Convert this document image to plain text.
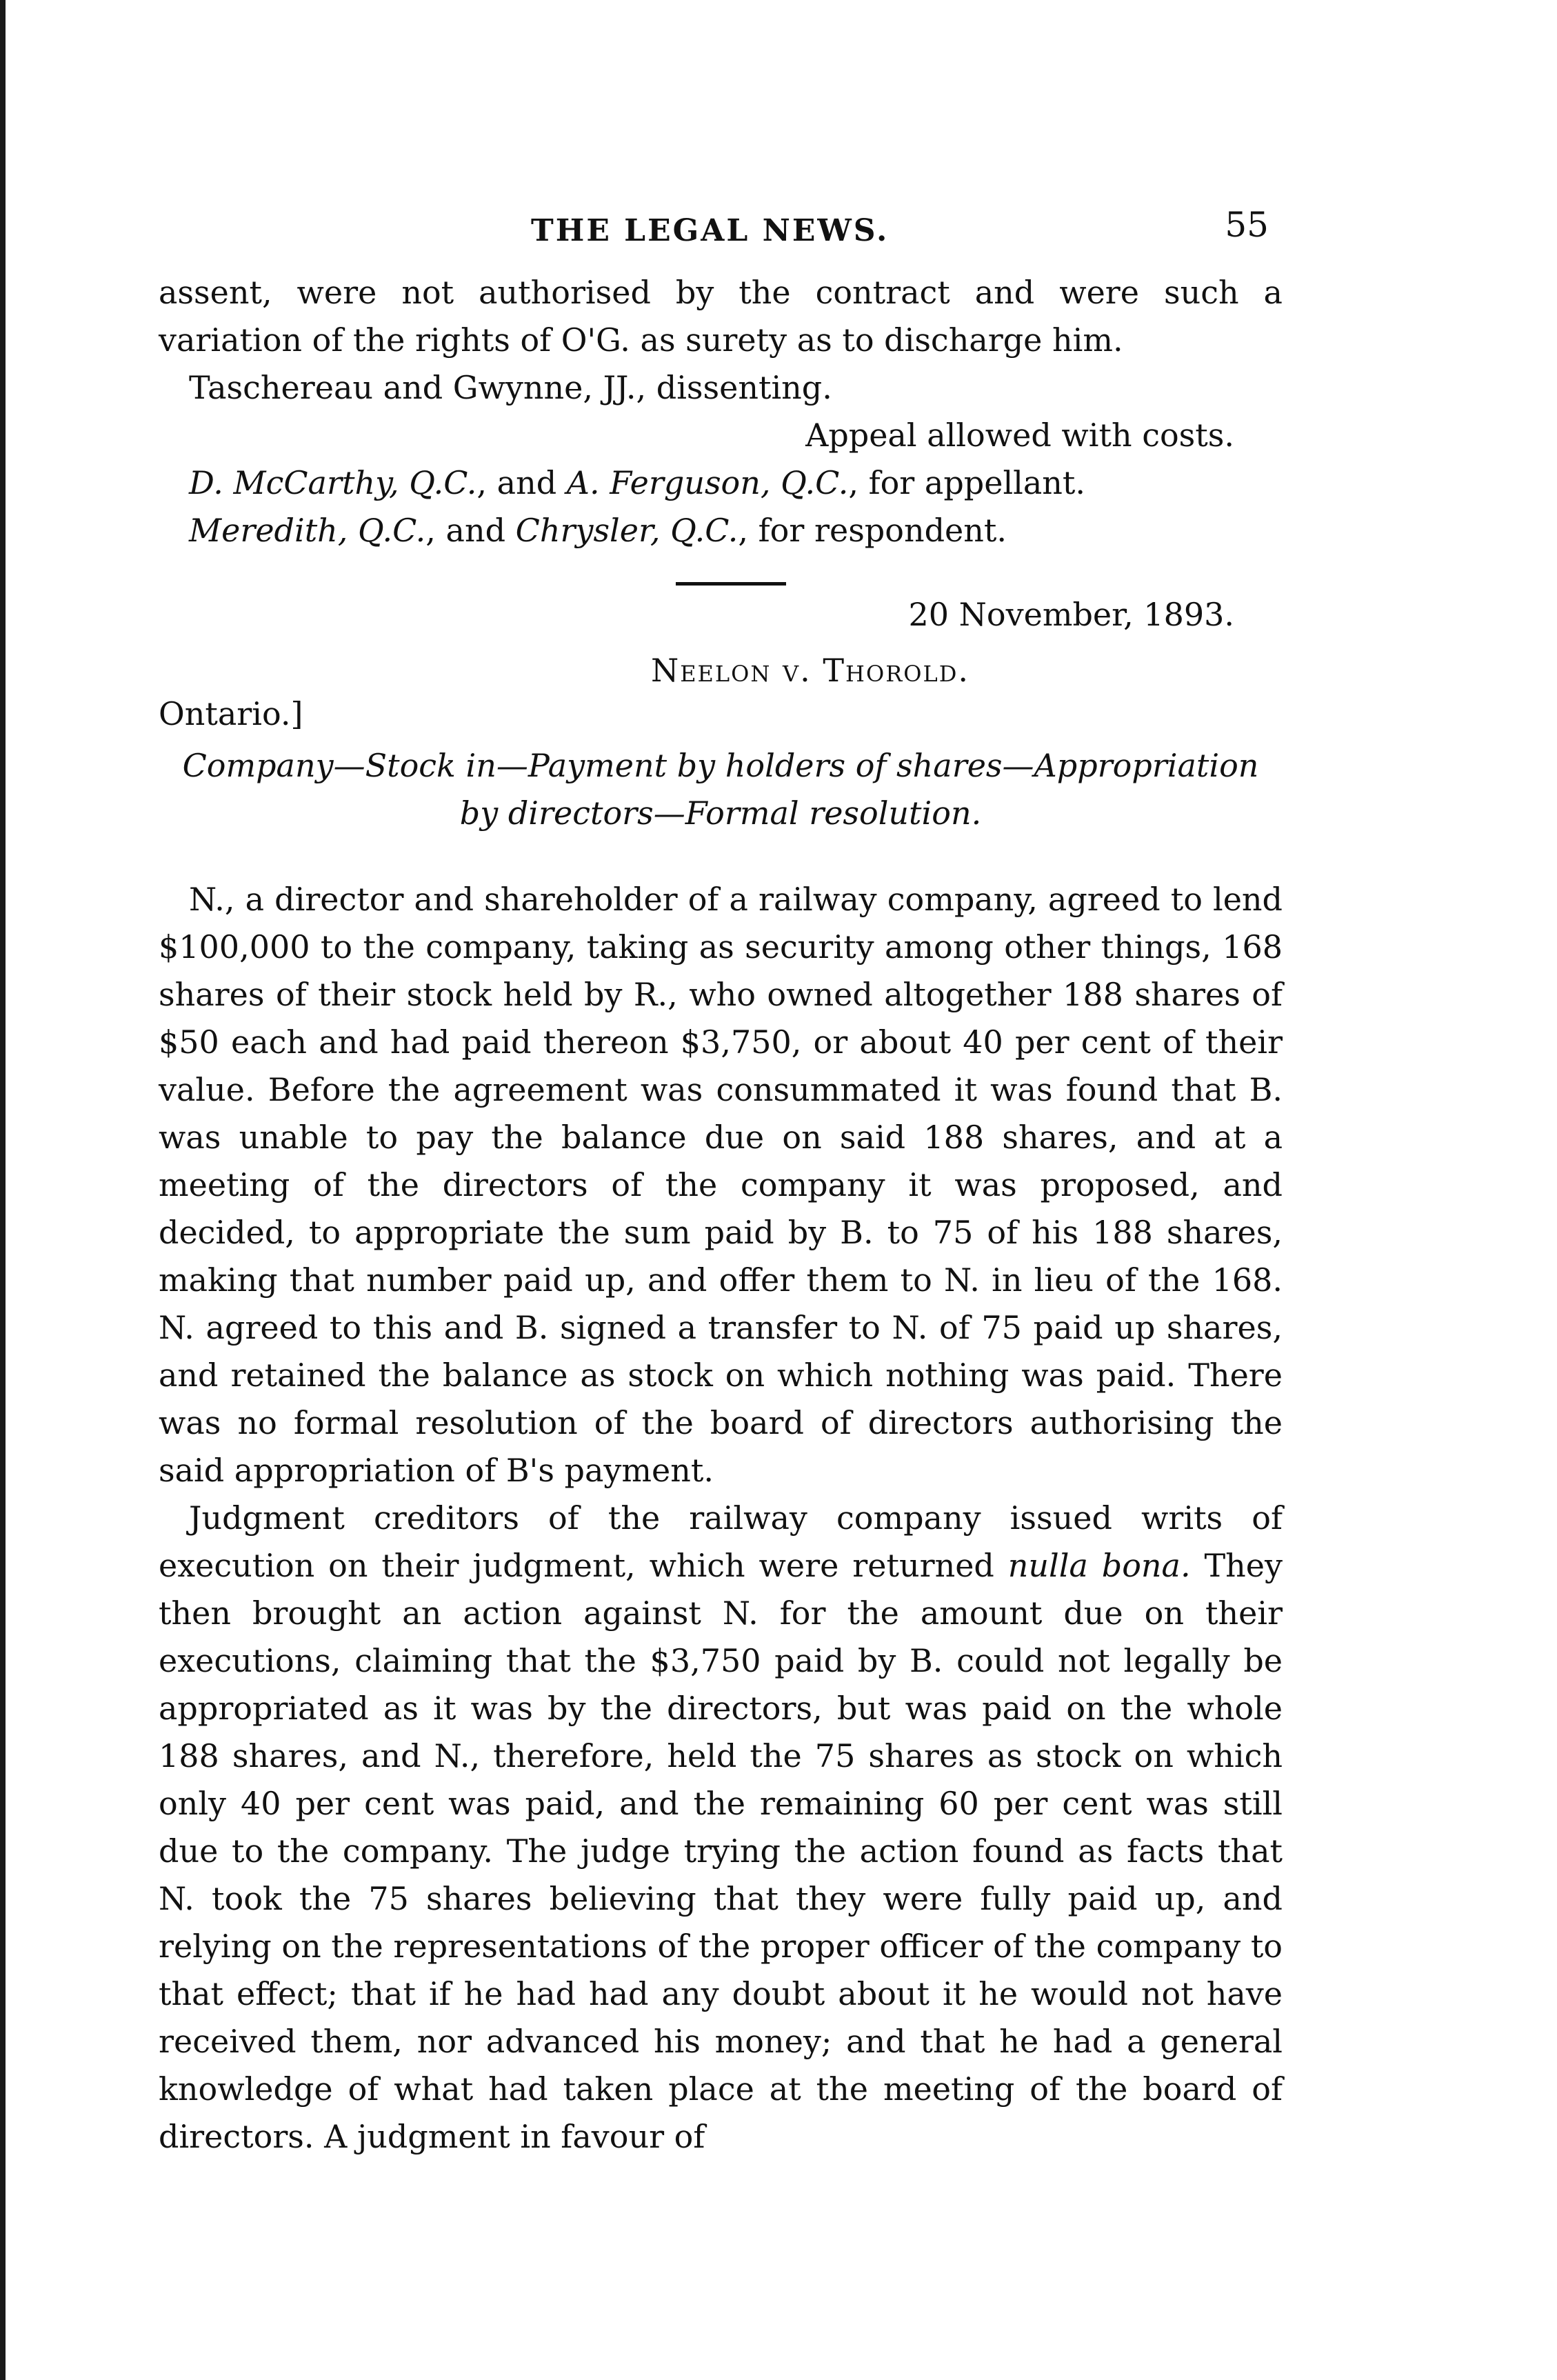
THE LEGAL NEWS.	55

assent, were not authorised by the contract and were such a variation of the rights of O'G. as surety as to discharge him.

Taschereau and Gwynne, JJ., dissenting.

Appeal allowed with costs.

D. McCarthy, Q.C., and A. Ferguson, Q.C., for appellant.

Meredith, Q.C., and Chrysler, Q.C., for respondent.

20 November, 1893.

Neelon v. Thorold.

Ontario.]

Company—Stock in—Payment by holders of shares—Appropriation
by directors—Formal resolution.

N., a director and shareholder of a railway company, agreed to lend $100,000 to the company, taking as security among other things, 168 shares of their stock held by R., who owned altogether 188 shares of $50 each and had paid thereon $3,750, or about 40 per cent of their value. Before the agreement was consummated it was found that B. was unable to pay the balance due on said 188 shares, and at a meeting of the directors of the company it was proposed, and decided, to appropriate the sum paid by B. to 75 of his 188 shares, making that number paid up, and offer them to N. in lieu of the 168. N. agreed to this and B. signed a transfer to N. of 75 paid up shares, and retained the balance as stock on which nothing was paid. There was no formal resolution of the board of directors authorising the said appropriation of B's payment.

Judgment creditors of the railway company issued writs of execution on their judgment, which were returned nulla bona. They then brought an action against N. for the amount due on their executions, claiming that the $3,750 paid by B. could not legally be appropriated as it was by the directors, but was paid on the whole 188 shares, and N., therefore, held the 75 shares as stock on which only 40 per cent was paid, and the remaining 60 per cent was still due to the company. The judge trying the action found as facts that N. took the 75 shares believing that they were fully paid up, and relying on the representations of the proper officer of the company to that effect; that if he had had any doubt about it he would not have received them, nor advanced his money; and that he had a general knowledge of what had taken place at the meeting of the board of directors. A judgment in favour of
